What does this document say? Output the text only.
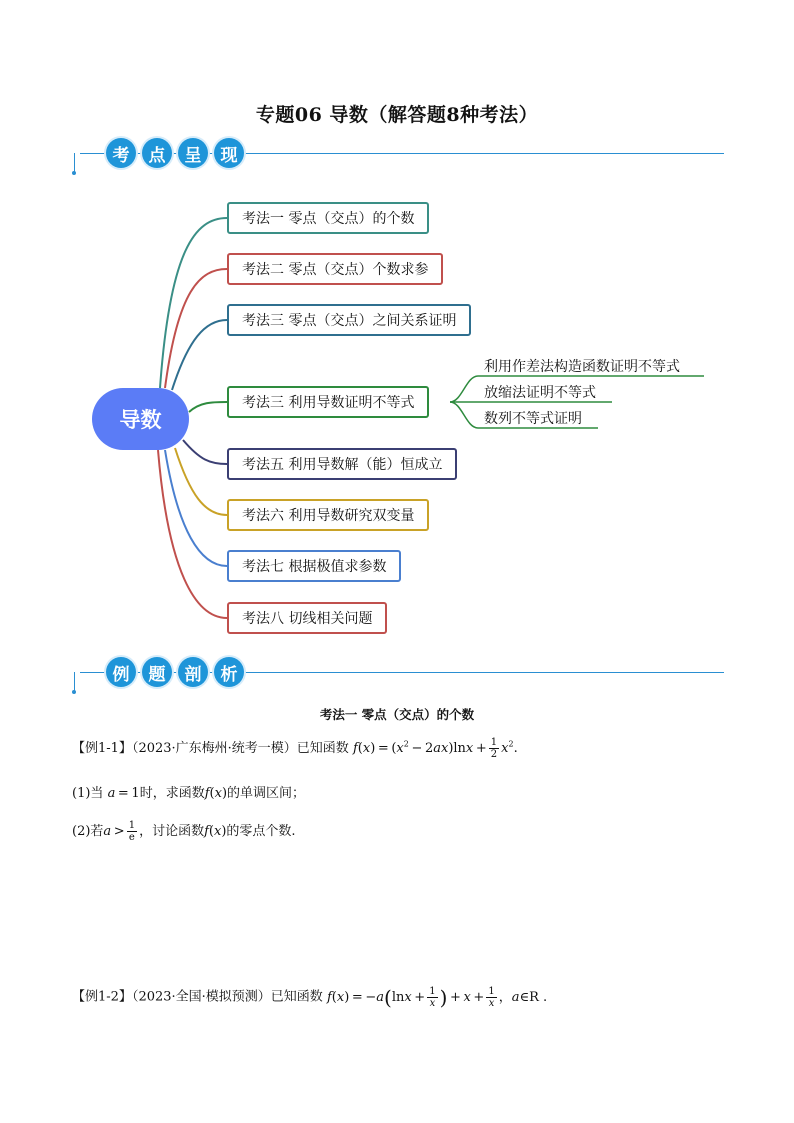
专题06 导数（解答题8种考法）
考	点	呈	现
导数
考法一 零点（交点）的个数
考法二 零点（交点）个数求参
考法三 零点（交点）之间关系证明
考法三 利用导数证明不等式
考法五 利用导数解（能）恒成立
考法六 利用导数研究双变量
考法七 根据极值求参数
考法八 切线相关问题
利用作差法构造函数证明不等式
放缩法证明不等式
数列不等式证明
例	题	剖	析
考法一 零点（交点）的个数
【例1-1】（2023·广东梅州·统考一模）已知函数 $f(x) = (x^2 - 2ax)\ln x + \frac{1}{2} x^2$.
(1)当 a = 1时，求函数f(x)的单调区间；
(2)若$a > \frac{1}{e}$ ，讨论函数f(x)的零点个数.
【例1-2】（2023·全国·模拟预测）已知函数 $f(x) = -a(\ln x + \frac{1}{x}$ ) + $x + \frac{1}{x}$ ，a∈R .
